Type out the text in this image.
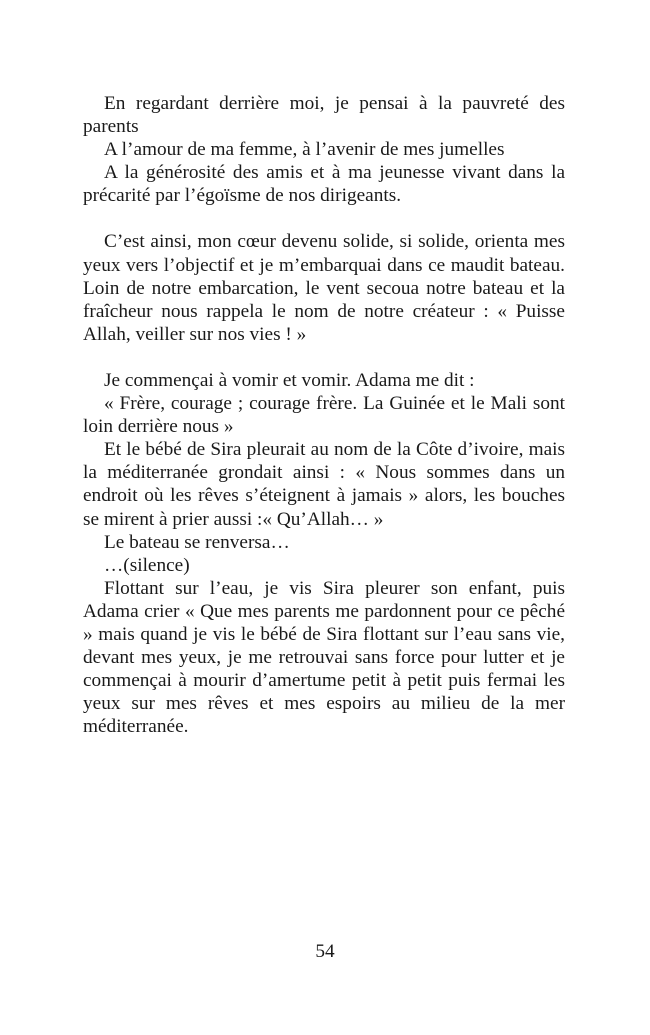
En regardant derrière moi, je pensai à la pauvreté des parents

A l’amour de ma femme, à l’avenir de mes jumelles

A la générosité des amis et à ma jeunesse vivant dans la précarité par l’égoïsme de nos dirigeants.

C’est ainsi, mon cœur devenu solide, si solide, orienta mes yeux vers l’objectif et je m’embarquai dans ce maudit bateau. Loin de notre embarcation, le vent secoua notre bateau et la fraîcheur nous rappela le nom de notre créateur : « Puisse Allah, veiller sur nos vies ! »

Je commençai à vomir et vomir. Adama me dit :

« Frère, courage ; courage frère. La Guinée et le Mali sont loin derrière nous »

Et le bébé de Sira pleurait au nom de la Côte d’ivoire, mais la méditerranée grondait ainsi : « Nous sommes dans un endroit où les rêves s’éteignent à jamais » alors, les bouches se mirent à prier aussi :« Qu’Allah… »

Le bateau se renversa…

…(silence)

Flottant sur l’eau, je vis Sira pleurer son enfant, puis Adama crier « Que mes parents me pardonnent pour ce pêché » mais quand je vis le bébé de Sira flottant sur l’eau sans vie, devant mes yeux, je me retrouvai sans force pour lutter et je commençai à mourir d’amertume petit à petit puis fermai les yeux sur mes rêves et mes espoirs au milieu de la mer méditerranée.

54
